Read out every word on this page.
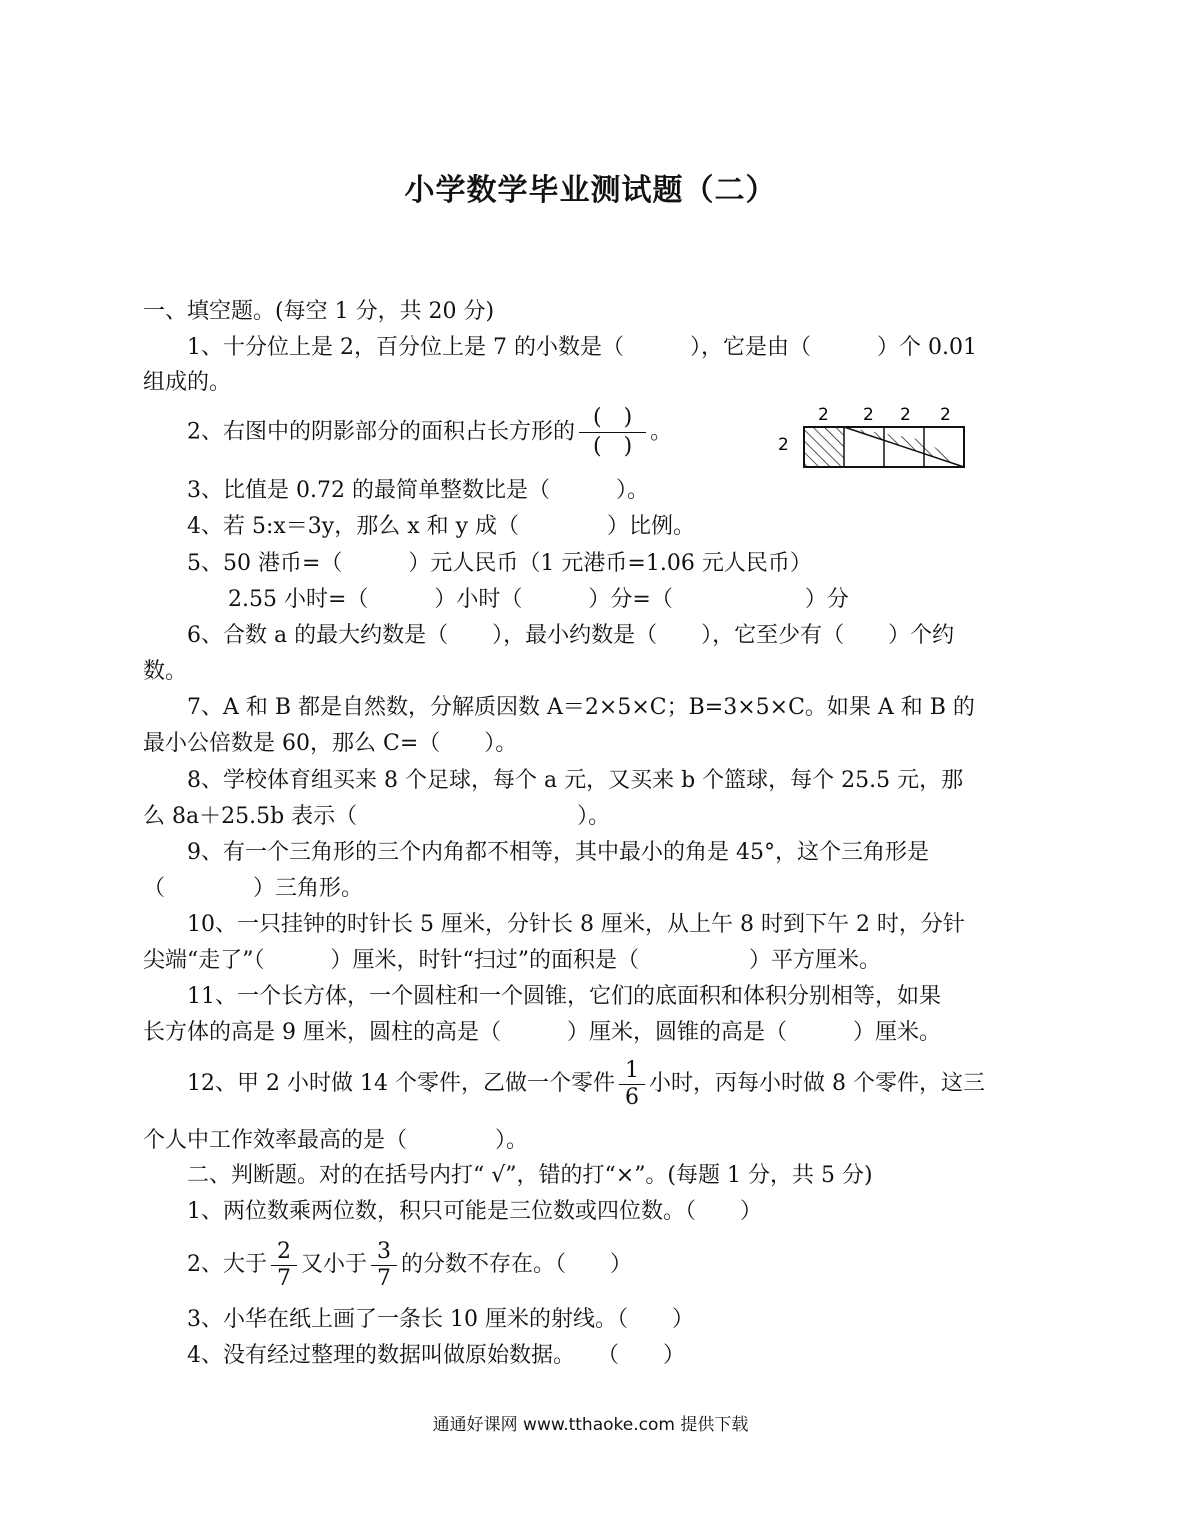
小学数学毕业测试题（二）
一、填空题。(每空 1 分，共 20 分)
1、十分位上是 2，百分位上是 7 的小数是（　　　），它是由（　　　）个 0.01
组成的。
2、右图中的阴影部分的面积占长方形的 $\frac{( )}{( )}$ 。
2 2 2 2
2
3、比值是 0.72 的最简单整数比是（　　　）。
4、若 5:x＝3y，那么 x 和 y 成（　　　　）比例。
5、50 港币=（　　　）元人民币（1 元港币=1.06 元人民币）
2.55 小时=（　　　）小时（　　　）分=（　　　　　　）分
6、合数 a 的最大约数是（　　），最小约数是（　　），它至少有（　　）个约
数。
7、A 和 B 都是自然数，分解质因数 A＝2×5×C；B=3×5×C。如果 A 和 B 的
最小公倍数是 60，那么 C=（　　）。
8、学校体育组买来 8 个足球，每个 a 元，又买来 b 个篮球，每个 25.5 元，那
么 8a＋25.5b 表示（　　　　　　　　　　）。
9、有一个三角形的三个内角都不相等，其中最小的角是 45°，这个三角形是
（　　　　）三角形。
10、一只挂钟的时针长 5 厘米，分针长 8 厘米，从上午 8 时到下午 2 时，分针
尖端“走了”（　　　）厘米，时针“扫过”的面积是（　　　　　）平方厘米。
11、一个长方体，一个圆柱和一个圆锥，它们的底面积和体积分别相等，如果
长方体的高是 9 厘米，圆柱的高是（　　　）厘米，圆锥的高是（　　　）厘米。
12、甲 2 小时做 14 个零件，乙做一个零件 $\frac{1}{6}$ 小时，丙每小时做 8 个零件，这三
个人中工作效率最高的是（　　　　）。
二、判断题。对的在括号内打“ √”，错的打“×”。(每题 1 分，共 5 分)
1、两位数乘两位数，积只可能是三位数或四位数。（　　）
2、大于 $\frac{2}{7}$ 又小于 $\frac{3}{7}$ 的分数不存在。（　　）
3、小华在纸上画了一条长 10 厘米的射线。（　　）
4、没有经过整理的数据叫做原始数据。　　（　　）
通通好课网 www.tthaoke.com 提供下载
